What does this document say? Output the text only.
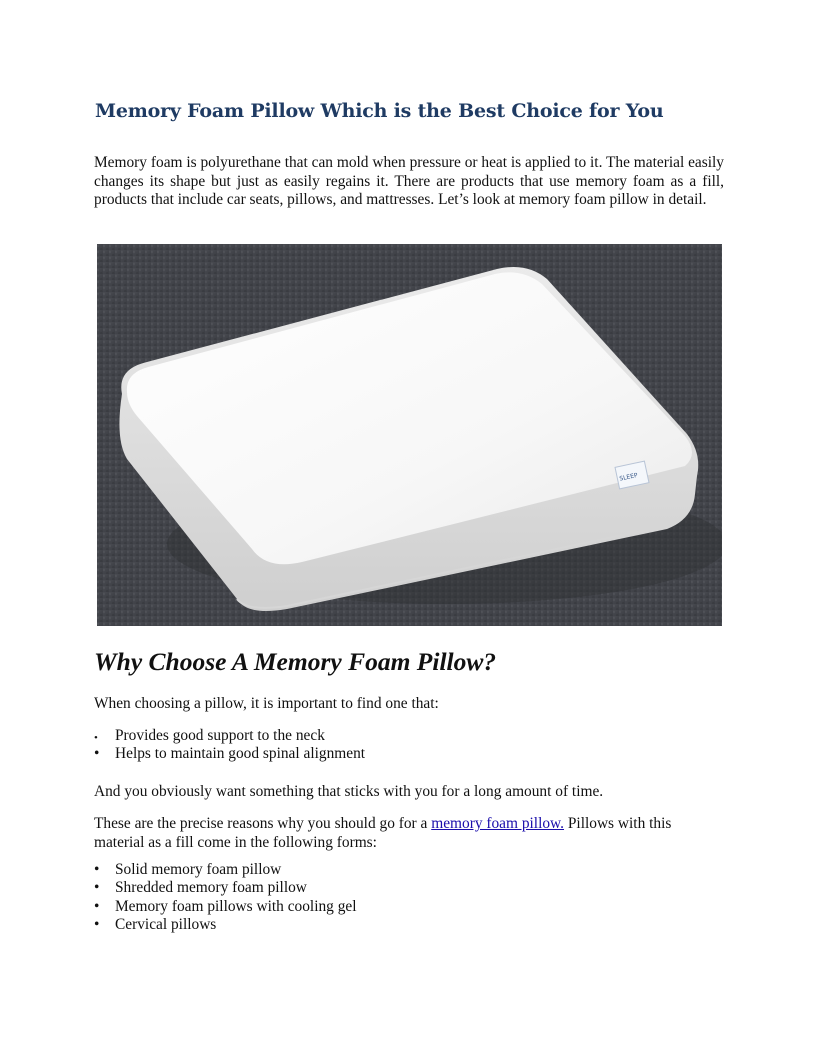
Memory Foam Pillow Which is the Best Choice for You

Memory foam is polyurethane that can mold when pressure or heat is applied to it. The material easily changes its shape but just as easily regains it. There are products that use memory foam as a fill, products that include car seats, pillows, and mattresses. Let’s look at memory foam pillow in detail.

SLEEP
Why Choose A Memory Foam Pillow?

When choosing a pillow, it is important to find one that:

• Provides good support to the neck
• Helps to maintain good spinal alignment

And you obviously want something that sticks with you for a long amount of time.

These are the precise reasons why you should go for a memory foam pillow. Pillows with this material as a fill come in the following forms:

• Solid memory foam pillow
• Shredded memory foam pillow
• Memory foam pillows with cooling gel
• Cervical pillows
